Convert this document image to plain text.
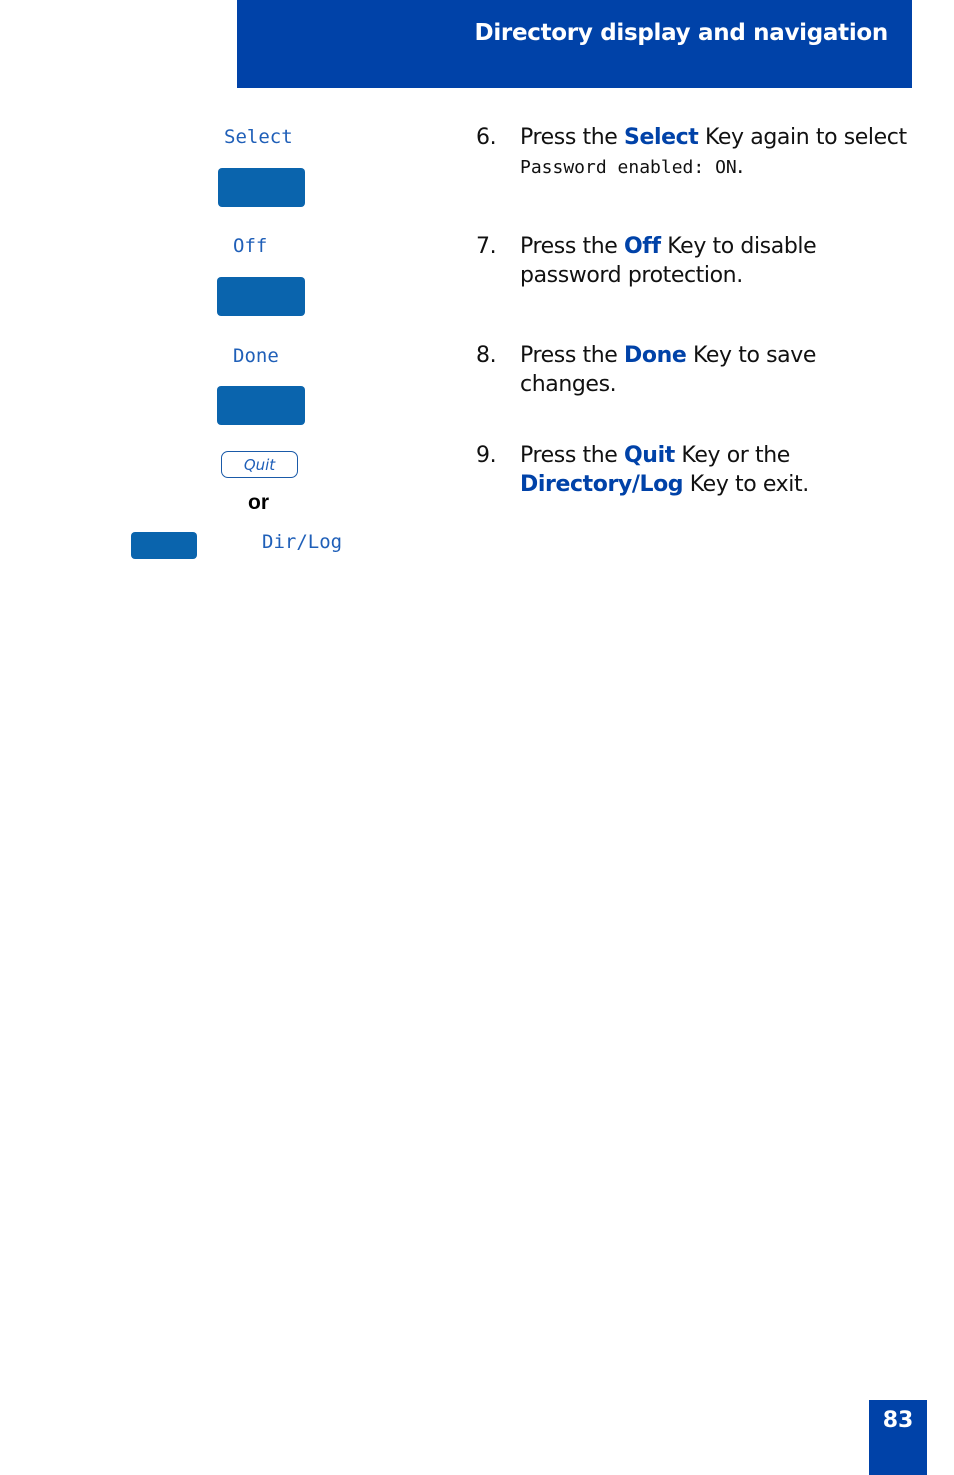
Directory display and navigation
Select
Off
Done
Quit
or
Dir/Log
6. Press the Select Key again to select
Password enabled: ON.
7. Press the Off Key to disable password protection.
8. Press the Done Key to save changes.
9. Press the Quit Key or the
Directory/Log Key to exit.
83
